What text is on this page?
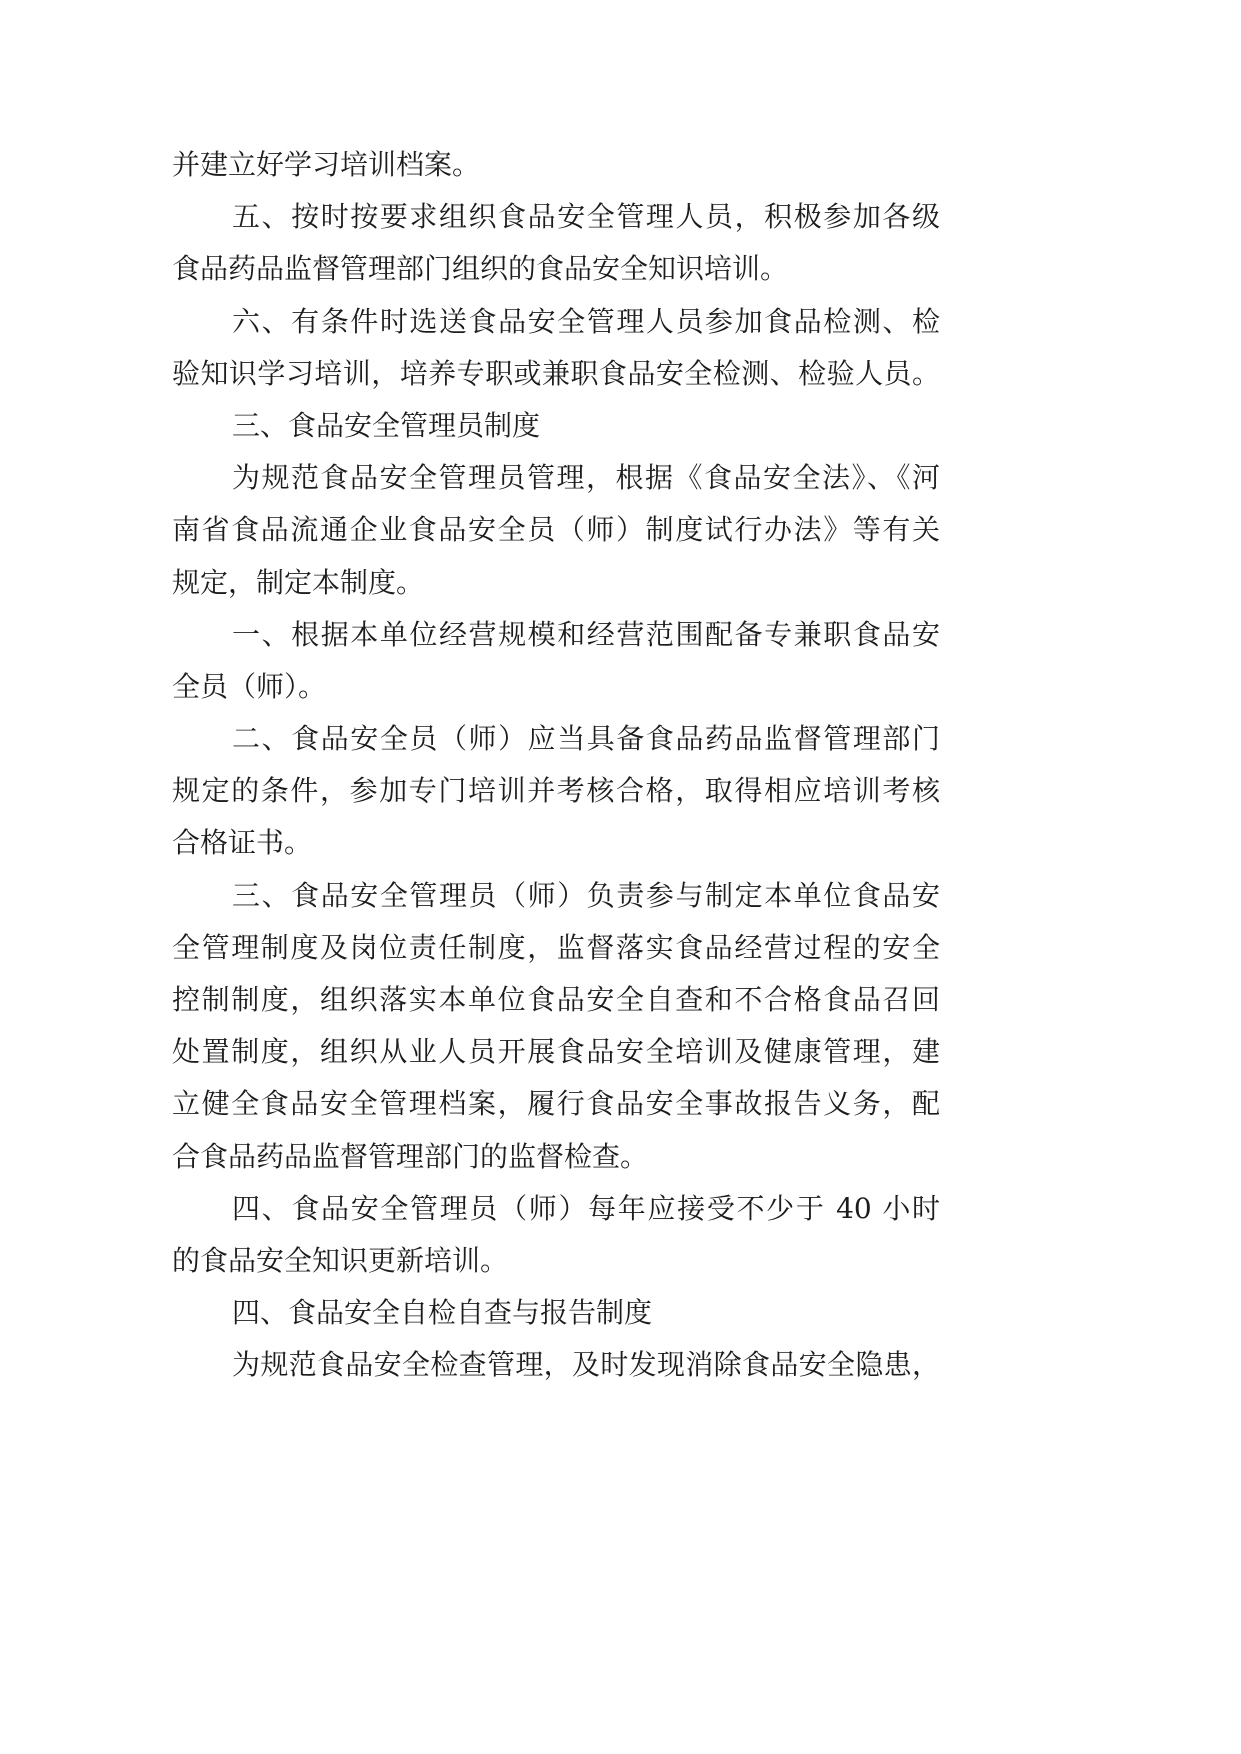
并建立好学习培训档案。
五、按时按要求组织食品安全管理人员，积极参加各级
食品药品监督管理部门组织的食品安全知识培训。
六、有条件时选送食品安全管理人员参加食品检测、检
验知识学习培训，培养专职或兼职食品安全检测、检验人员。
三、食品安全管理员制度
为规范食品安全管理员管理，根据《食品安全法》、《河
南省食品流通企业食品安全员（师）制度试行办法》等有关
规定，制定本制度。
一、根据本单位经营规模和经营范围配备专兼职食品安
全员（师）。
二、食品安全员（师）应当具备食品药品监督管理部门
规定的条件，参加专门培训并考核合格，取得相应培训考核
合格证书。
三、食品安全管理员（师）负责参与制定本单位食品安
全管理制度及岗位责任制度，监督落实食品经营过程的安全
控制制度，组织落实本单位食品安全自查和不合格食品召回
处置制度，组织从业人员开展食品安全培训及健康管理，建
立健全食品安全管理档案，履行食品安全事故报告义务，配
合食品药品监督管理部门的监督检查。
四、食品安全管理员（师）每年应接受不少于 40 小时
的食品安全知识更新培训。
四、食品安全自检自查与报告制度
为规范食品安全检查管理，及时发现消除食品安全隐患，
